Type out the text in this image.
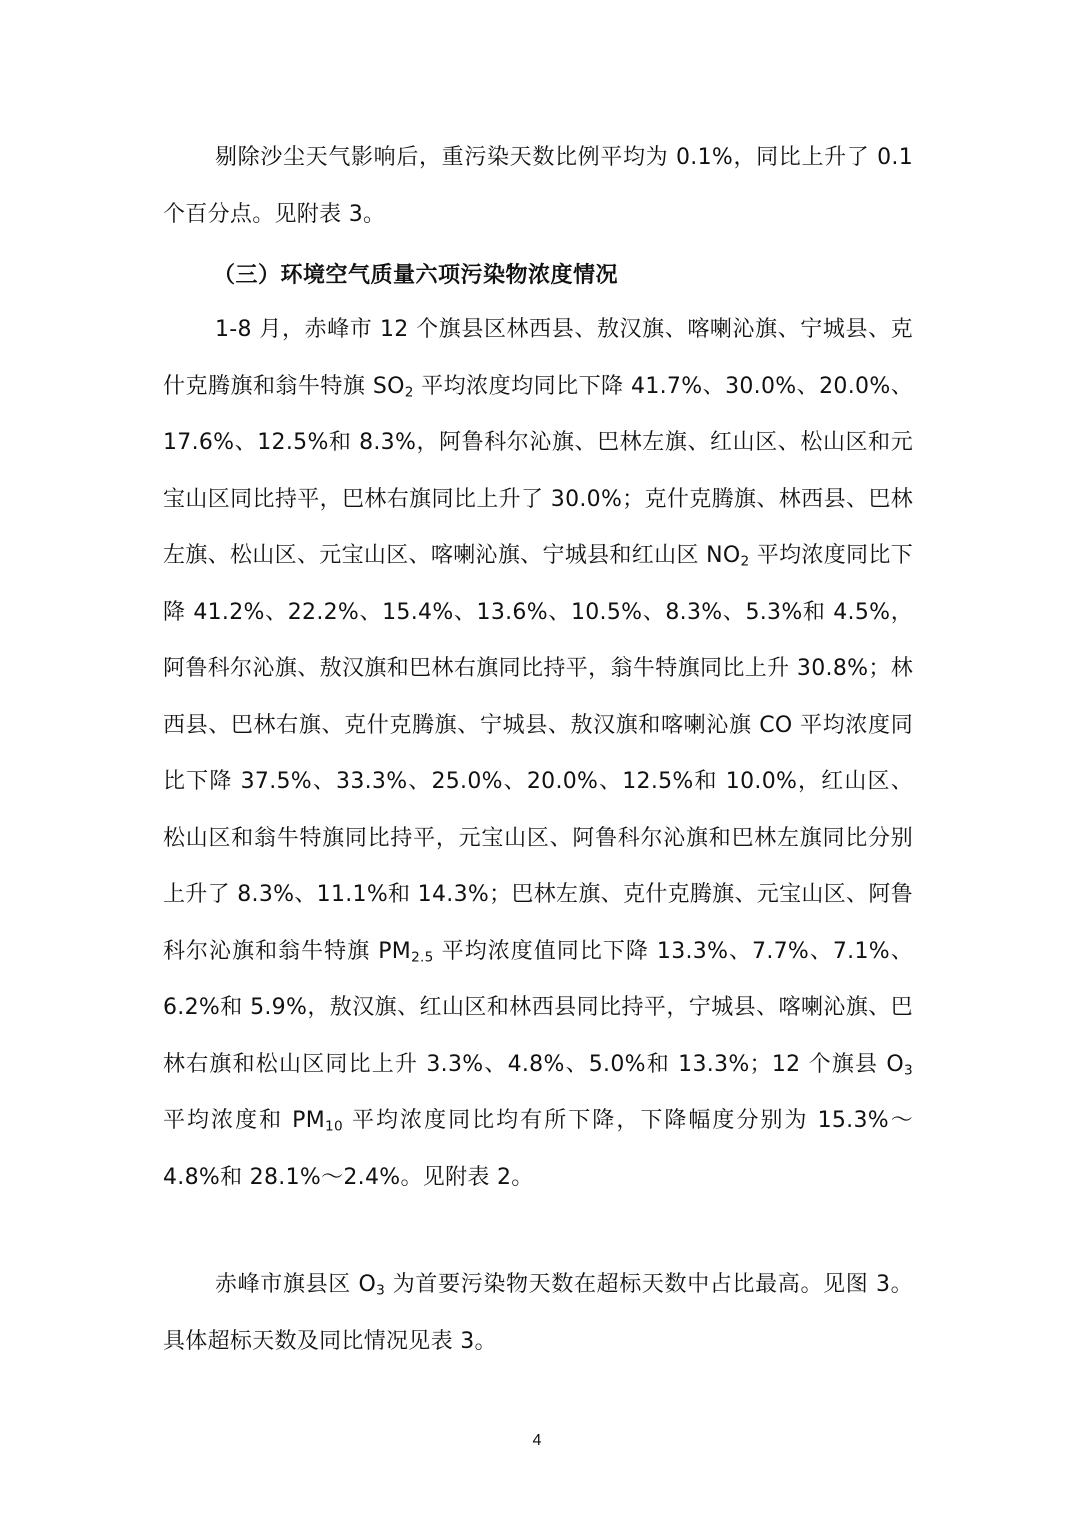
剔除沙尘天气影响后，重污染天数比例平均为 0.1%，同比上升了 0.1 个百分点。见附表 3。

（三）环境空气质量六项污染物浓度情况

1-8 月，赤峰市 12 个旗县区林西县、敖汉旗、喀喇沁旗、宁城县、克什克腾旗和翁牛特旗 $SO_2$ 平均浓度均同比下降 41.7%、30.0%、20.0%、17.6%、12.5%和 8.3%，阿鲁科尔沁旗、巴林左旗、红山区、松山区和元宝山区同比持平，巴林右旗同比上升了 30.0%；克什克腾旗、林西县、巴林左旗、松山区、元宝山区、喀喇沁旗、宁城县和红山区 $NO_2$ 平均浓度同比下降 41.2%、22.2%、15.4%、13.6%、10.5%、8.3%、5.3%和 4.5%，阿鲁科尔沁旗、敖汉旗和巴林右旗同比持平，翁牛特旗同比上升 30.8%；林西县、巴林右旗、克什克腾旗、宁城县、敖汉旗和喀喇沁旗 CO 平均浓度同比下降 37.5%、33.3%、25.0%、20.0%、12.5%和 10.0%，红山区、松山区和翁牛特旗同比持平，元宝山区、阿鲁科尔沁旗和巴林左旗同比分别上升了 8.3%、11.1%和 14.3%；巴林左旗、克什克腾旗、元宝山区、阿鲁科尔沁旗和翁牛特旗 $PM_{2.5}$ 平均浓度值同比下降 13.3%、7.7%、7.1%、6.2%和 5.9%，敖汉旗、红山区和林西县同比持平，宁城县、喀喇沁旗、巴林右旗和松山区同比上升 3.3%、4.8%、5.0%和 13.3%；12 个旗县 $O_3$ 平均浓度和 $PM_{10}$ 平均浓度同比均有所下降，下降幅度分别为 15.3%～4.8%和 28.1%～2.4%。见附表 2。

赤峰市旗县区 $O_3$ 为首要污染物天数在超标天数中占比最高。见图 3。具体超标天数及同比情况见表 3。

4
